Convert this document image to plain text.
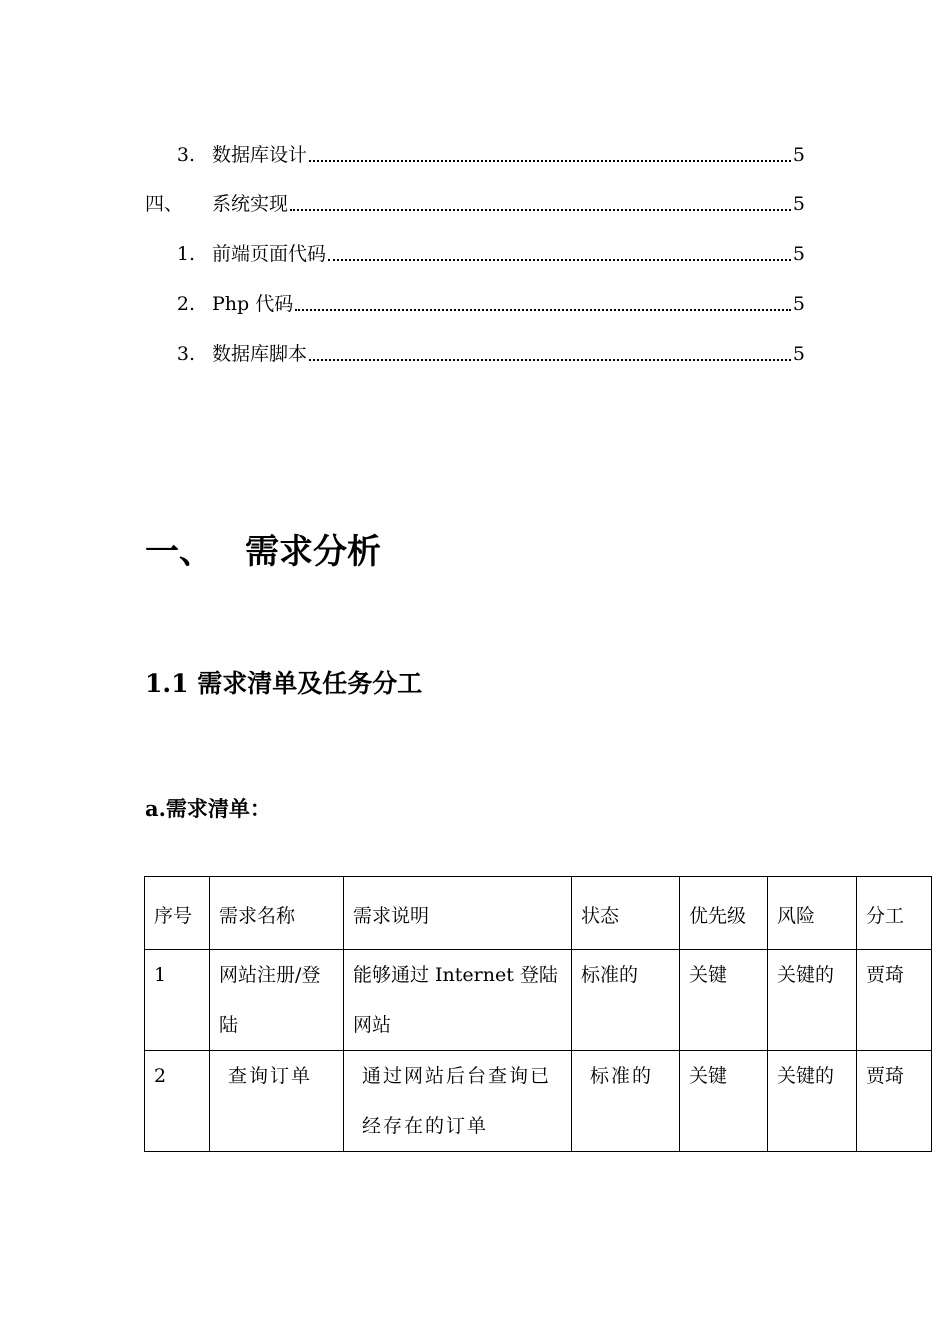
3. 数据库设计	5
四、	系统实现	5
1. 前端页面代码	5
2. Php 代码	5
3. 数据库脚本	5
一、 需求分析
1.1 需求清单及任务分工
a.需求清单：
序号	需求名称	需求说明	状态	优先级	风险	分工
1	网站注册/登陆	能够通过 Internet 登陆网站	标准的	关键	关键的	贾琦
2	查询订单	通过网站后台查询已经存在的订单	标准的	关键	关键的	贾琦
